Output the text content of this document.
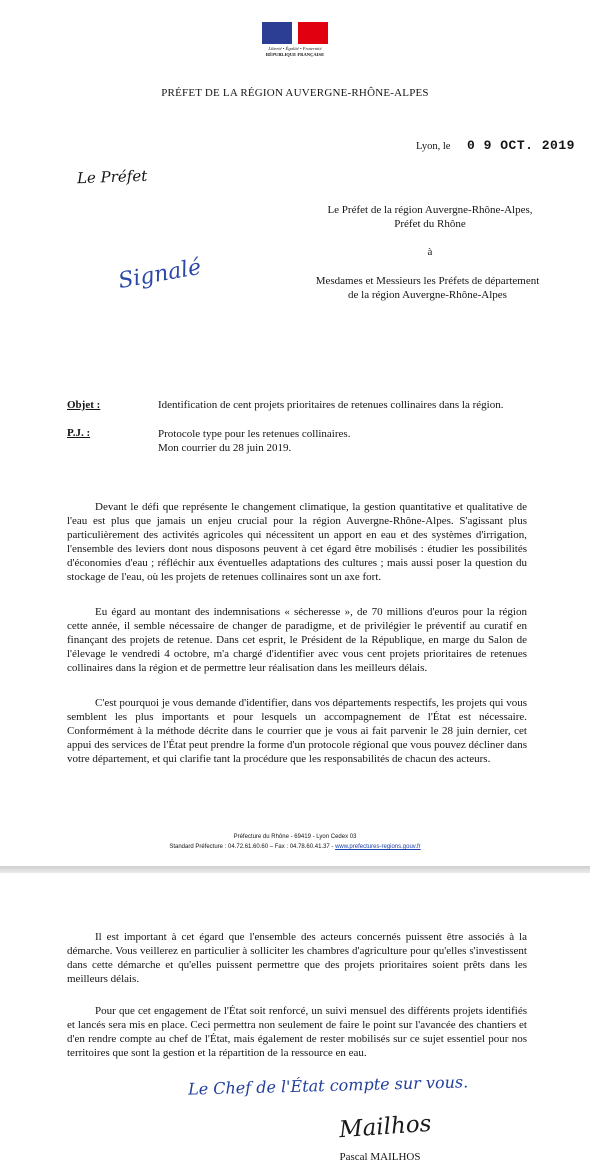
Liberté • Égalité • Fraternité
RÉPUBLIQUE FRANÇAISE
PRÉFET DE LA RÉGION AUVERGNE-RHÔNE-ALPES
Lyon, le 0 9 OCT. 2019
Le Préfet
Le Préfet de la région Auvergne-Rhône-Alpes,
Préfet du Rhône
à
Mesdames et Messieurs les Préfets de département
de la région Auvergne-Rhône-Alpes
Signalé
Objet :	Identification de cent projets prioritaires de retenues collinaires dans la région.
P.J. :	Protocole type pour les retenues collinaires.
Mon courrier du 28 juin 2019.

Devant le défi que représente le changement climatique, la gestion quantitative et qualitative de l'eau est plus que jamais un enjeu crucial pour la région Auvergne-Rhône-Alpes. S'agissant plus particulièrement des activités agricoles qui nécessitent un apport en eau et des systèmes d'irrigation, l'ensemble des leviers dont nous disposons peuvent à cet égard être mobilisés : étudier les possibilités d'économies d'eau ; réfléchir aux éventuelles adaptations des cultures ; mais aussi poser la question du stockage de l'eau, où les projets de retenues collinaires sont un axe fort.

Eu égard au montant des indemnisations « sécheresse », de 70 millions d'euros pour la région cette année, il semble nécessaire de changer de paradigme, et de privilégier le préventif au curatif en finançant des projets de retenue. Dans cet esprit, le Président de la République, en marge du Salon de l'élevage le vendredi 4 octobre, m'a chargé d'identifier avec vous cent projets prioritaires de retenues collinaires dans la région et de permettre leur réalisation dans les meilleurs délais.

C'est pourquoi je vous demande d'identifier, dans vos départements respectifs, les projets qui vous semblent les plus importants et pour lesquels un accompagnement de l'État est nécessaire. Conformément à la méthode décrite dans le courrier que je vous ai fait parvenir le 28 juin dernier, cet appui des services de l'État peut prendre la forme d'un protocole régional que vous pouvez décliner dans votre département, et qui clarifie tant la procédure que les responsabilités de chacun des acteurs.

Préfecture du Rhône - 69419 - Lyon Cedex 03
Standard Préfecture : 04.72.61.60.60 – Fax : 04.78.60.41.37 - www.prefectures-regions.gouv.fr

Il est important à cet égard que l'ensemble des acteurs concernés puissent être associés à la démarche. Vous veillerez en particulier à solliciter les chambres d'agriculture pour qu'elles s'investissent dans cette démarche et qu'elles puissent permettre que des projets prioritaires soient prêts dans les meilleurs délais.

Pour que cet engagement de l'État soit renforcé, un suivi mensuel des différents projets identifiés et lancés sera mis en place. Ceci permettra non seulement de faire le point sur l'avancée des chantiers et d'en rendre compte au chef de l'État, mais également de rester mobilisés sur ce sujet essentiel pour nos territoires que sont la gestion et la répartition de la ressource en eau.

Le Chef de l'État compte sur vous.
Mailhos
Pascal MAILHOS
